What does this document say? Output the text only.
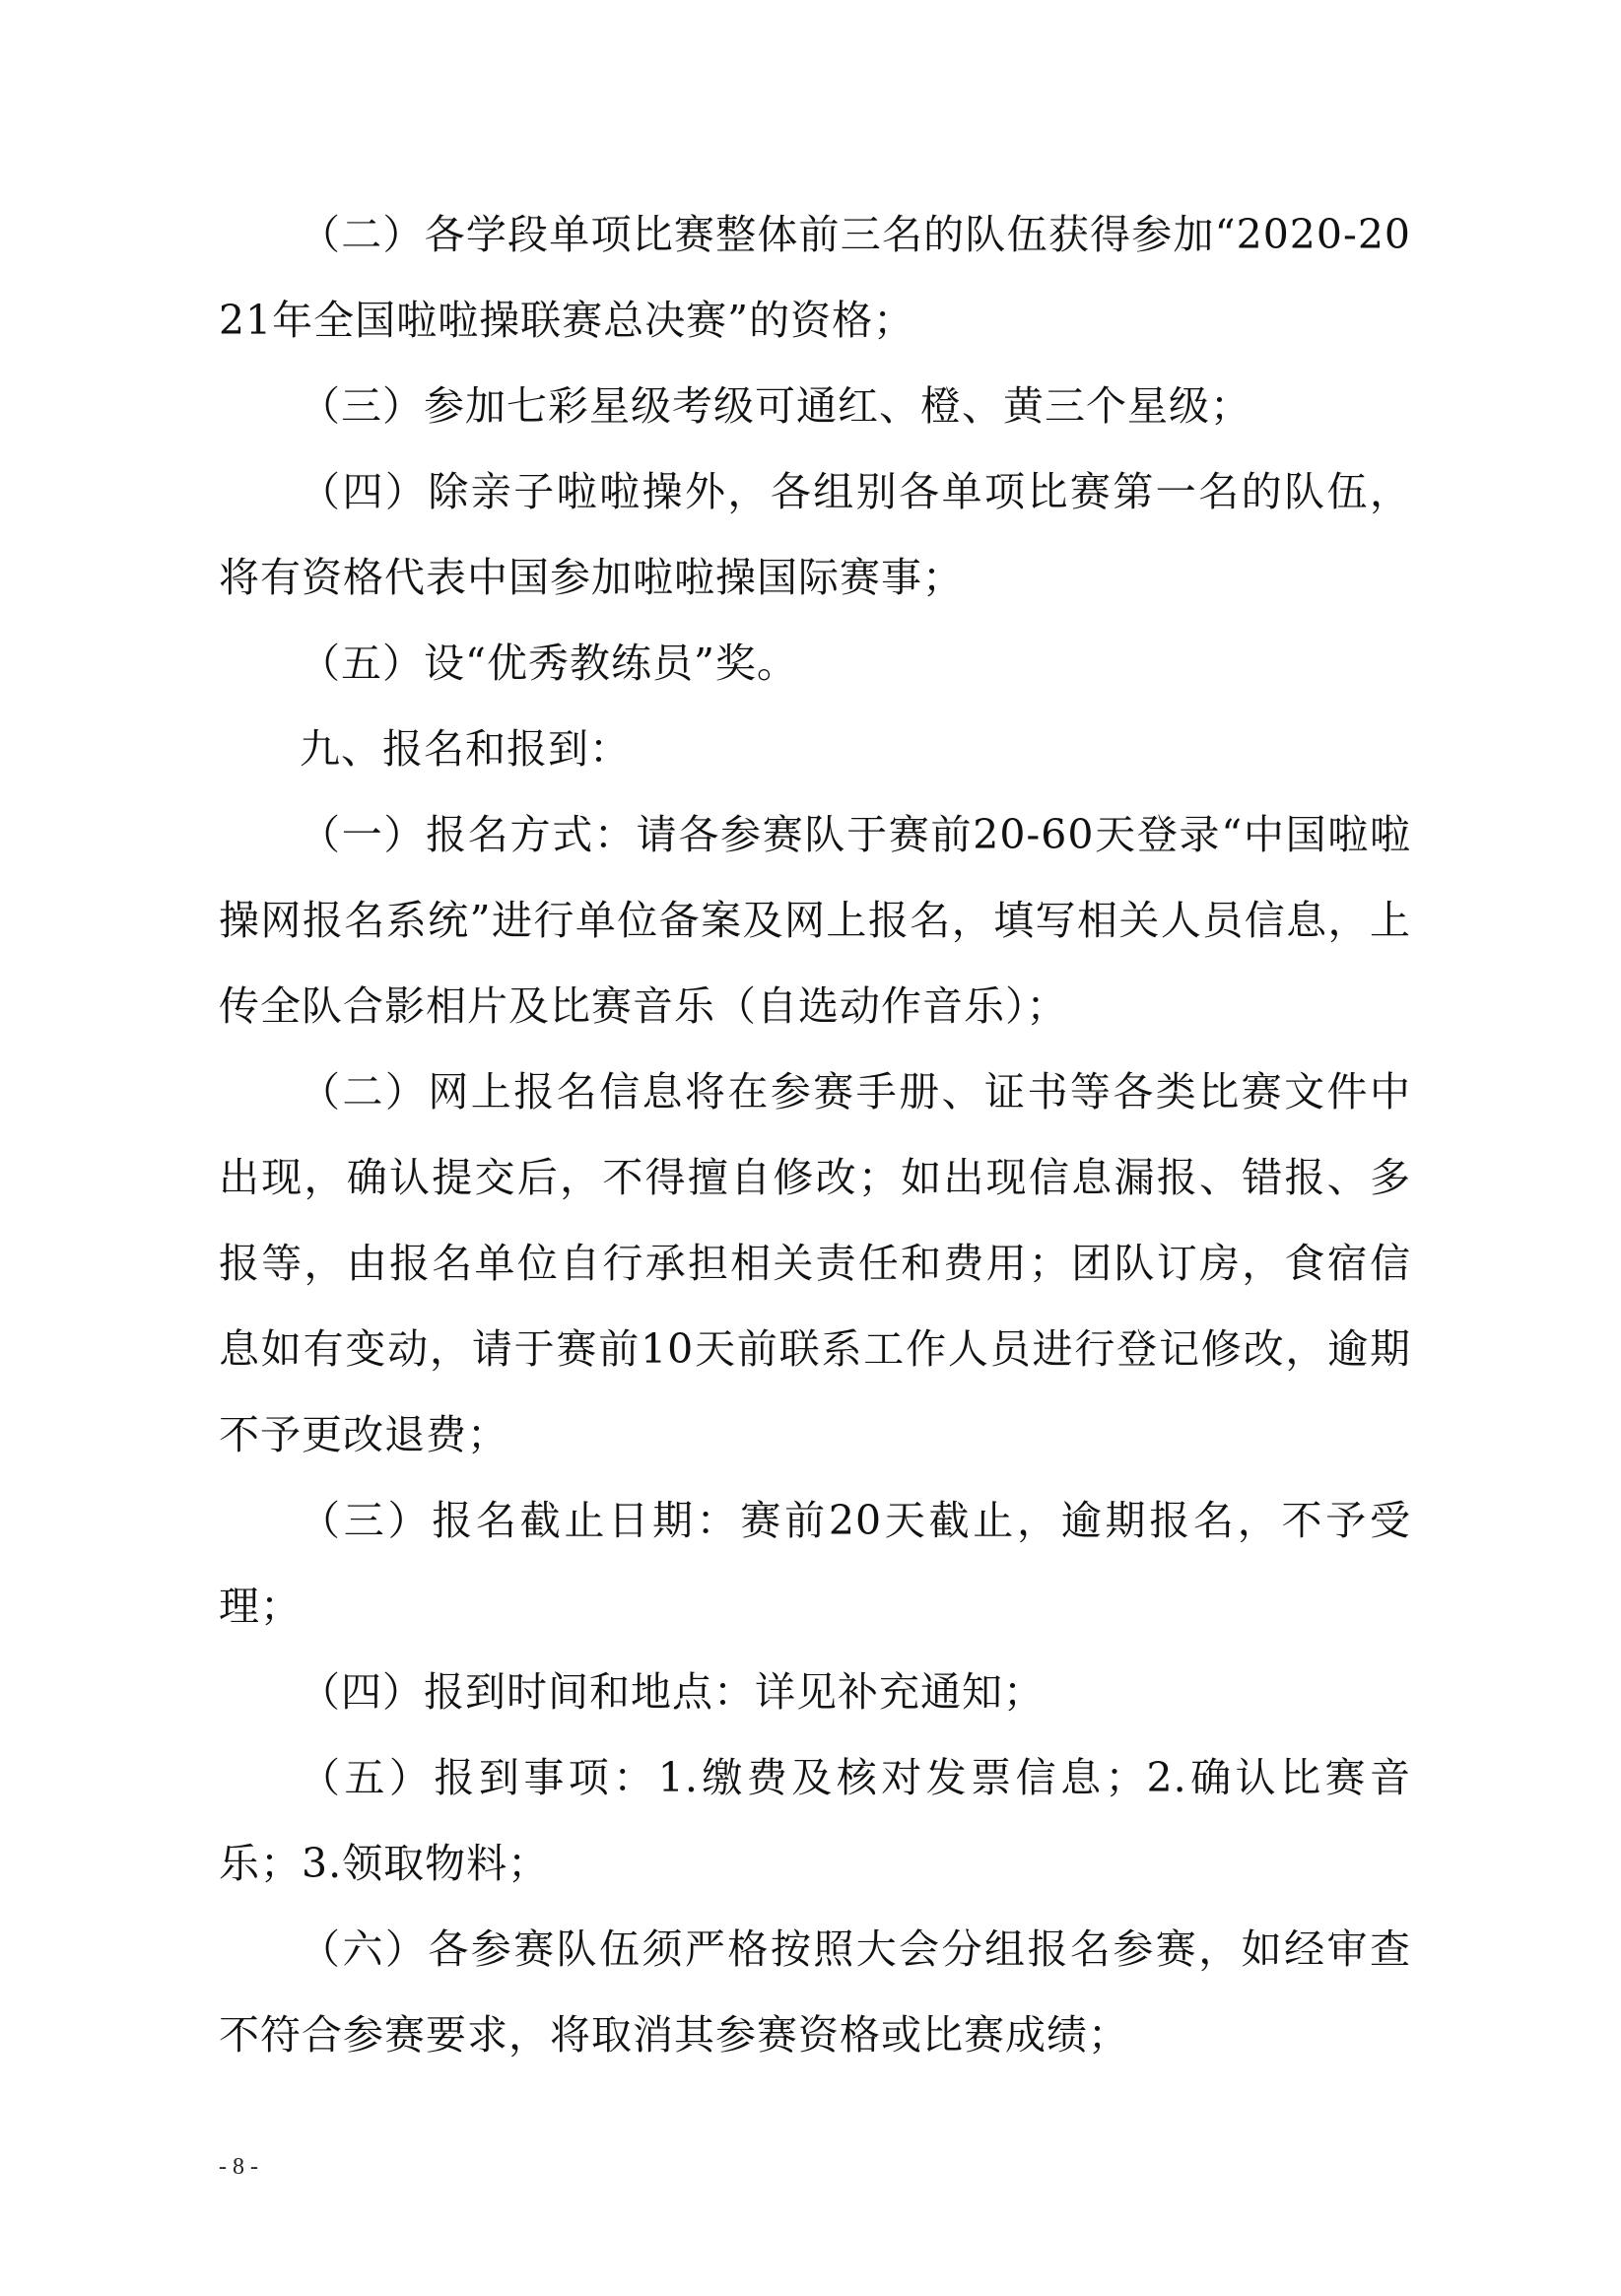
（二）各学段单项比赛整体前三名的队伍获得参加“2020-2021年全国啦啦操联赛总决赛”的资格；

（三）参加七彩星级考级可通红、橙、黄三个星级；

（四）除亲子啦啦操外，各组别各单项比赛第一名的队伍，将有资格代表中国参加啦啦操国际赛事；

（五）设“优秀教练员”奖。

九、报名和报到：

（一）报名方式：请各参赛队于赛前20-60天登录“中国啦啦操网报名系统”进行单位备案及网上报名，填写相关人员信息，上传全队合影相片及比赛音乐（自选动作音乐）；

（二）网上报名信息将在参赛手册、证书等各类比赛文件中出现，确认提交后，不得擅自修改；如出现信息漏报、错报、多报等，由报名单位自行承担相关责任和费用；团队订房，食宿信息如有变动，请于赛前10天前联系工作人员进行登记修改，逾期不予更改退费；

（三）报名截止日期：赛前20天截止，逾期报名，不予受理；

（四）报到时间和地点：详见补充通知；

（五）报到事项：1.缴费及核对发票信息；2.确认比赛音乐；3.领取物料；

（六）各参赛队伍须严格按照大会分组报名参赛，如经审查不符合参赛要求，将取消其参赛资格或比赛成绩；

- 8 -
